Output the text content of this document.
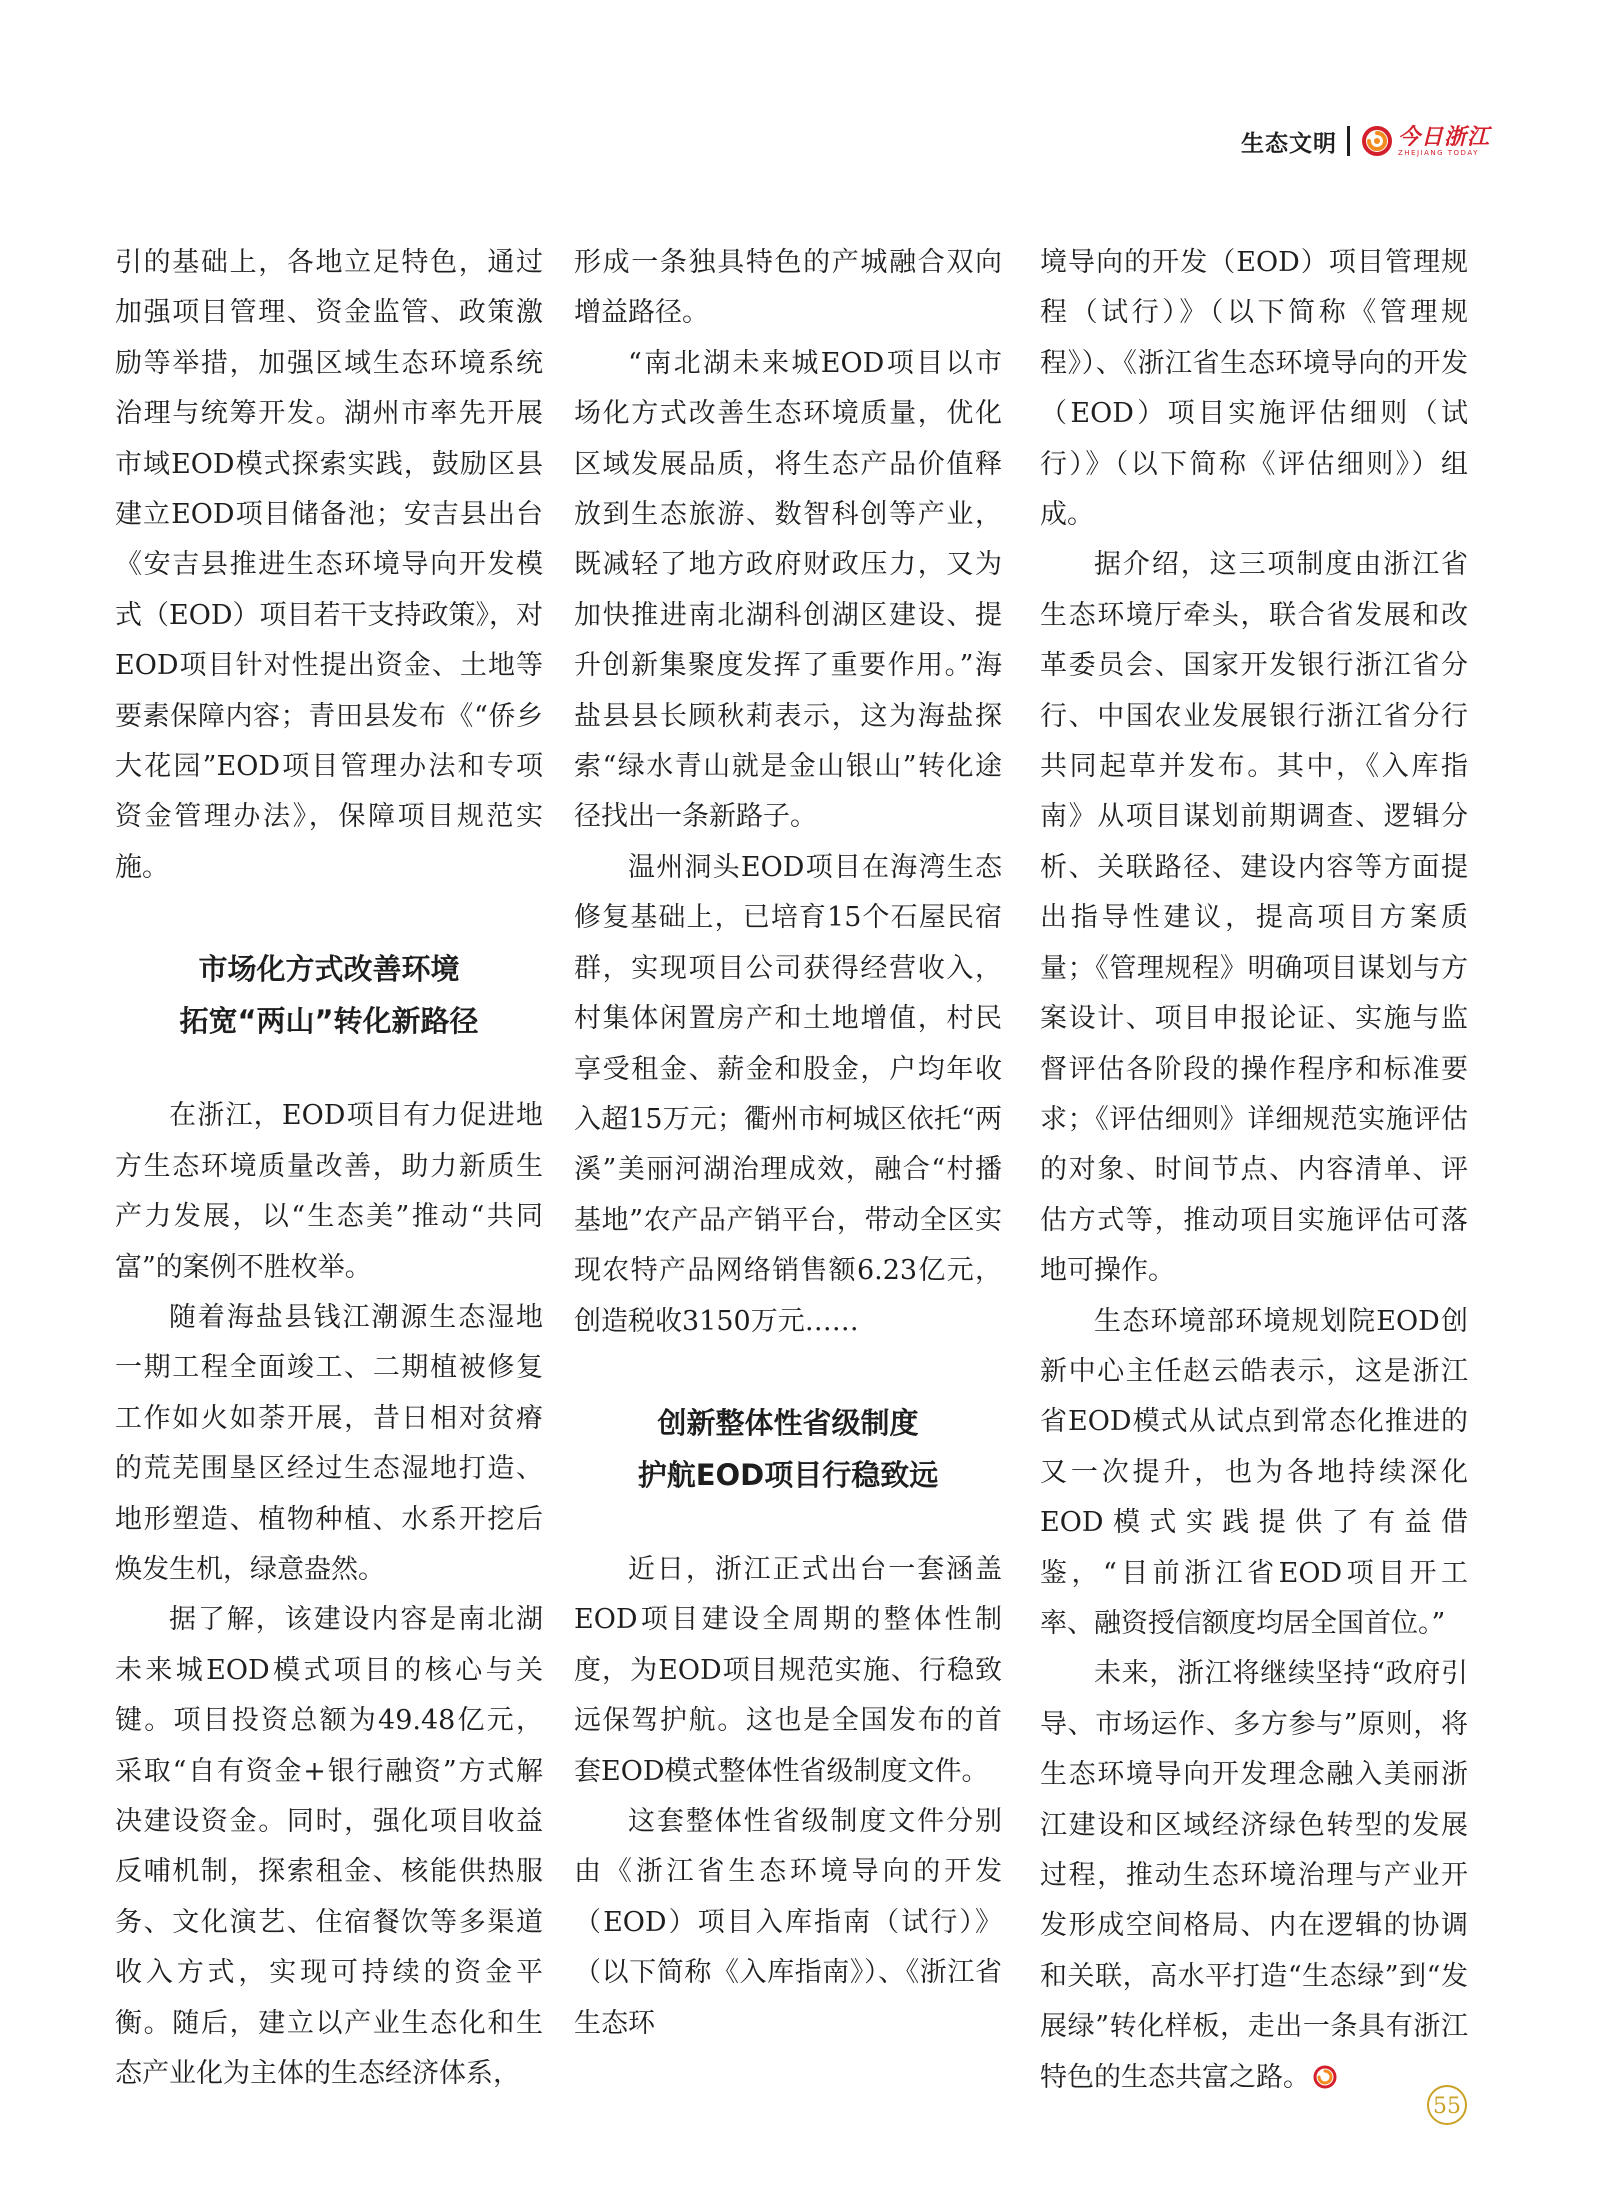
生态文明	今日浙江
ZHEJIANG TODAY

引的基础上，各地立足特色，通过加强项目管理、资金监管、政策激励等举措，加强区域生态环境系统治理与统筹开发。湖州市率先开展市域EOD模式探索实践，鼓励区县建立EOD项目储备池；安吉县出台《安吉县推进生态环境导向开发模式（EOD）项目若干支持政策》，对EOD项目针对性提出资金、土地等要素保障内容；青田县发布《“侨乡大花园”EOD项目管理办法和专项资金管理办法》，保障项目规范实施。

市场化方式改善环境
拓宽“两山”转化新路径

在浙江，EOD项目有力促进地方生态环境质量改善，助力新质生产力发展，以“生态美”推动“共同富”的案例不胜枚举。

随着海盐县钱江潮源生态湿地一期工程全面竣工、二期植被修复工作如火如荼开展，昔日相对贫瘠的荒芜围垦区经过生态湿地打造、地形塑造、植物种植、水系开挖后焕发生机，绿意盎然。

据了解，该建设内容是南北湖未来城EOD模式项目的核心与关键。项目投资总额为49.48亿元，采取“自有资金+银行融资”方式解决建设资金。同时，强化项目收益反哺机制，探索租金、核能供热服务、文化演艺、住宿餐饮等多渠道收入方式，实现可持续的资金平衡。随后，建立以产业生态化和生态产业化为主体的生态经济体系，

形成一条独具特色的产城融合双向增益路径。

“南北湖未来城EOD项目以市场化方式改善生态环境质量，优化区域发展品质，将生态产品价值释放到生态旅游、数智科创等产业，既减轻了地方政府财政压力，又为加快推进南北湖科创湖区建设、提升创新集聚度发挥了重要作用。”海盐县县长顾秋莉表示，这为海盐探索“绿水青山就是金山银山”转化途径找出一条新路子。

温州洞头EOD项目在海湾生态修复基础上，已培育15个石屋民宿群，实现项目公司获得经营收入，村集体闲置房产和土地增值，村民享受租金、薪金和股金，户均年收入超15万元；衢州市柯城区依托“两溪”美丽河湖治理成效，融合“村播基地”农产品产销平台，带动全区实现农特产品网络销售额6.23亿元，创造税收3150万元……

创新整体性省级制度
护航EOD项目行稳致远

近日，浙江正式出台一套涵盖EOD项目建设全周期的整体性制度，为EOD项目规范实施、行稳致远保驾护航。这也是全国发布的首套EOD模式整体性省级制度文件。

这套整体性省级制度文件分别由《浙江省生态环境导向的开发（EOD）项目入库指南（试行）》（以下简称《入库指南》）、《浙江省生态环

境导向的开发（EOD）项目管理规程（试行）》（以下简称《管理规程》）、《浙江省生态环境导向的开发（EOD）项目实施评估细则（试行）》（以下简称《评估细则》）组成。

据介绍，这三项制度由浙江省生态环境厅牵头，联合省发展和改革委员会、国家开发银行浙江省分行、中国农业发展银行浙江省分行共同起草并发布。其中，《入库指南》从项目谋划前期调查、逻辑分析、关联路径、建设内容等方面提出指导性建议，提高项目方案质量；《管理规程》明确项目谋划与方案设计、项目申报论证、实施与监督评估各阶段的操作程序和标准要求；《评估细则》详细规范实施评估的对象、时间节点、内容清单、评估方式等，推动项目实施评估可落地可操作。

生态环境部环境规划院EOD创新中心主任赵云皓表示，这是浙江省EOD模式从试点到常态化推进的又一次提升，也为各地持续深化EOD模式实践提供了有益借鉴，“目前浙江省EOD项目开工率、融资授信额度均居全国首位。”

未来，浙江将继续坚持“政府引导、市场运作、多方参与”原则，将生态环境导向开发理念融入美丽浙江建设和区域经济绿色转型的发展过程，推动生态环境治理与产业开发形成空间格局、内在逻辑的协调和关联，高水平打造“生态绿”到“发展绿”转化样板，走出一条具有浙江特色的生态共富之路。

55
